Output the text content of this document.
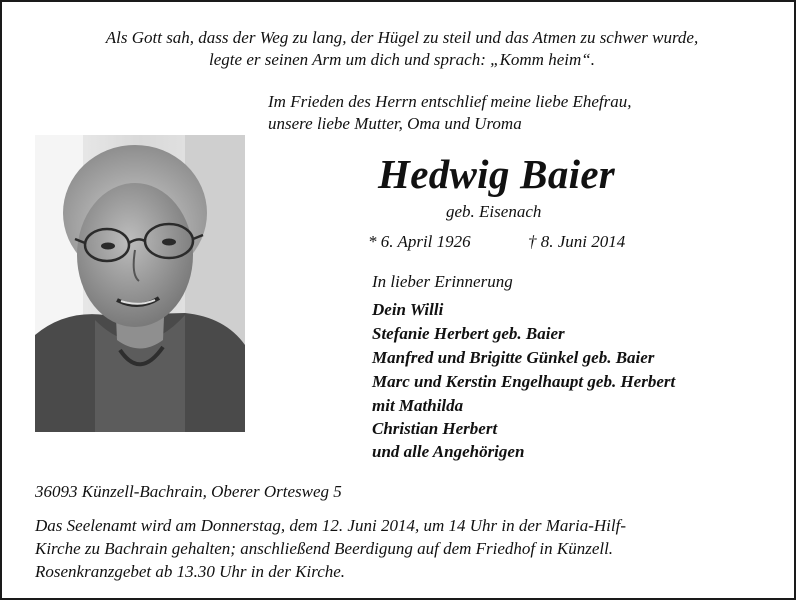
Als Gott sah, dass der Weg zu lang, der Hügel zu steil und das Atmen zu schwer wurde,
legte er seinen Arm um dich und sprach: „Komm heim“.
Im Frieden des Herrn entschlief meine liebe Ehefrau,
unsere liebe Mutter, Oma und Uroma
Hedwig Baier
geb. Eisenach
* 6. April 1926	† 8. Juni 2014
In lieber Erinnerung
Dein Willi
Stefanie Herbert geb. Baier
Manfred und Brigitte Günkel geb. Baier
Marc und Kerstin Engelhaupt geb. Herbert
mit Mathilda
Christian Herbert
und alle Angehörigen
36093 Künzell-Bachrain, Oberer Ortesweg 5
Das Seelenamt wird am Donnerstag, dem 12. Juni 2014, um 14 Uhr in der Maria-Hilf-
Kirche zu Bachrain gehalten; anschließend Beerdigung auf dem Friedhof in Künzell.
Rosenkranzgebet ab 13.30 Uhr in der Kirche.
